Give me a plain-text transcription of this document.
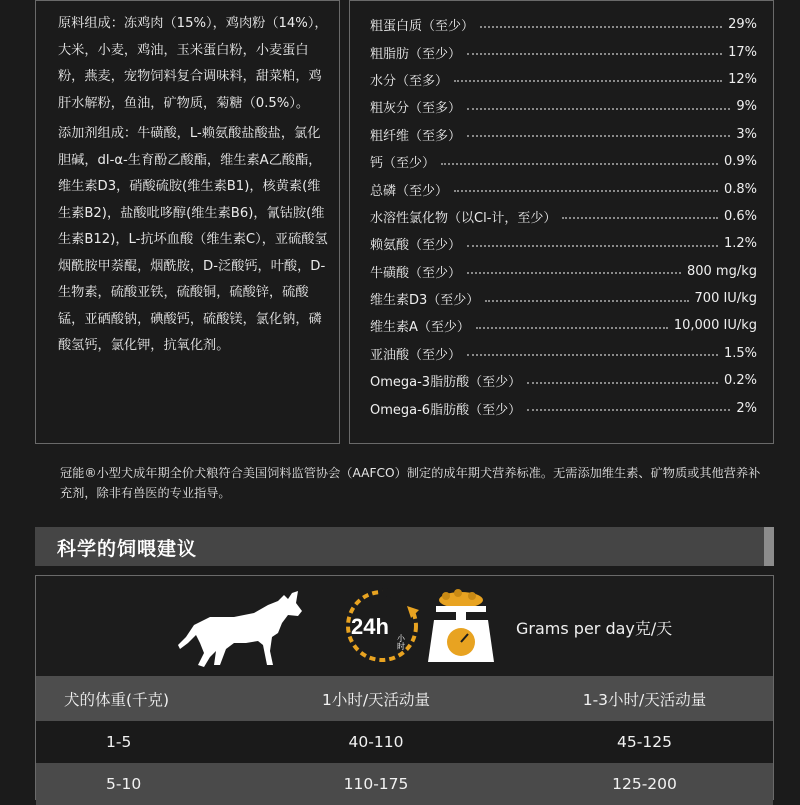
原料组成：冻鸡肉（15%），鸡肉粉（14%），大米，小麦，鸡油，玉米蛋白粉，小麦蛋白粉，燕麦，宠物饲料复合调味料，甜菜粕，鸡肝水解粉，鱼油，矿物质，菊糖（0.5%）。

添加剂组成：牛磺酸，L-赖氨酸盐酸盐，氯化胆碱，dl-α-生育酚乙酸酯，维生素A乙酸酯，维生素D3，硝酸硫胺(维生素B1)，核黄素(维生素B2)，盐酸吡哆醇(维生素B6)，氰钴胺(维生素B12)，L-抗坏血酸（维生素C），亚硫酸氢烟酰胺甲萘醌，烟酰胺，D-泛酸钙，叶酸，D-生物素，硫酸亚铁，硫酸铜，硫酸锌，硫酸锰，亚硒酸钠，碘酸钙，硫酸镁，氯化钠，磷酸氢钙，氯化钾，抗氧化剂。

粗蛋白质（至少）	29%
粗脂肪（至少）	17%
水分（至多）	12%
粗灰分（至多）	9%
粗纤维（至多）	3%
钙（至少）	0.9%
总磷（至少）	0.8%
水溶性氯化物（以Cl-计，至少）	0.6%
赖氨酸（至少）	1.2%
牛磺酸（至少）	800 mg/kg
维生素D3（至少）	700 IU/kg
维生素A（至少）	10,000 IU/kg
亚油酸（至少）	1.5%
Omega-3脂肪酸（至少）	0.2%
Omega-6脂肪酸（至少）	2%
冠能®小型犬成年期全价犬粮符合美国饲料监管协会（AAFCO）制定的成年期犬营养标准。无需添加维生素、矿物质或其他营养补充剂，除非有兽医的专业指导。
科学的饲喂建议
24h
小时
Grams per day克/天
犬的体重(千克)	1小时/天活动量	1-3小时/天活动量
1-5	40-110	45-125
5-10	110-175	125-200
